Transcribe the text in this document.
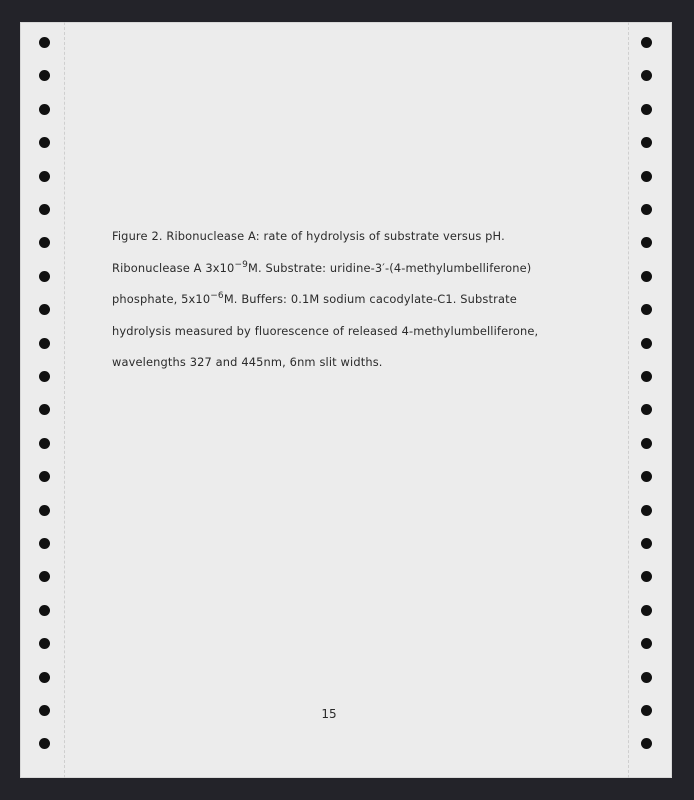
Figure 2. Ribonuclease A: rate of hydrolysis of substrate versus pH.
Ribonuclease A $3x10^{-9}M$. Substrate: uridine-3′-(4-methylumbelliferone)
phosphate, $5x10^{-6}M$. Buffers: 0.1M sodium cacodylate-C1. Substrate
hydrolysis measured by fluorescence of released 4-methylumbelliferone,
wavelengths 327 and 445nm, 6nm slit widths.
15
